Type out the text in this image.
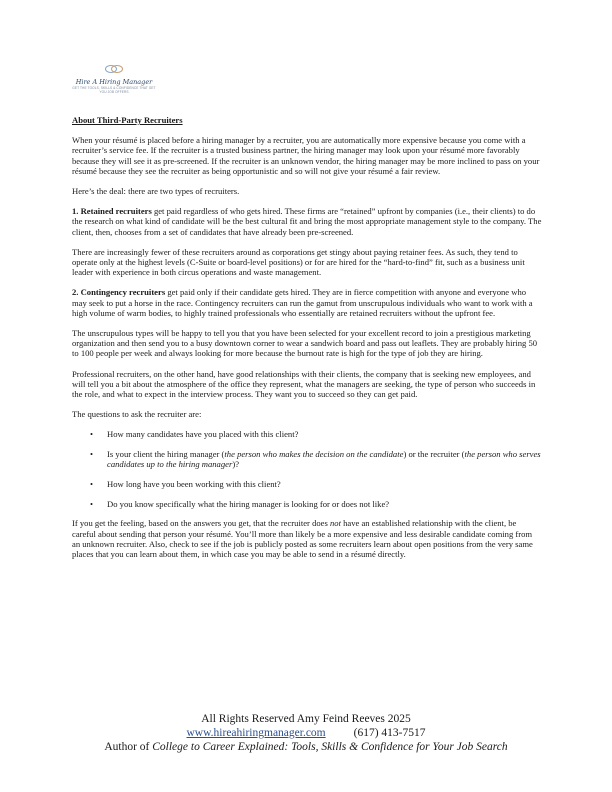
Hire A Hiring Manager
GET THE TOOLS, SKILLS & CONFIDENCE THAT GET YOU JOB OFFERS
About Third-Party Recruiters

When your résumé is placed before a hiring manager by a recruiter, you are automatically more expensive because you come with a recruiter’s service fee. If the recruiter is a trusted business partner, the hiring manager may look upon your résumé more favorably because they will see it as pre-screened. If the recruiter is an unknown vendor, the hiring manager may be more inclined to pass on your résumé because they see the recruiter as being opportunistic and so will not give your résumé a fair review.

Here’s the deal: there are two types of recruiters.

1. Retained recruiters get paid regardless of who gets hired. These firms are “retained” upfront by companies (i.e., their clients) to do the research on what kind of candidate will be the best cultural fit and bring the most appropriate management style to the company. The client, then, chooses from a set of candidates that have already been pre-screened.

There are increasingly fewer of these recruiters around as corporations get stingy about paying retainer fees. As such, they tend to operate only at the highest levels (C-Suite or board-level positions) or for are hired for the “hard-to-find” fit, such as a business unit leader with experience in both circus operations and waste management.

2. Contingency recruiters get paid only if their candidate gets hired. They are in fierce competition with anyone and everyone who may seek to put a horse in the race. Contingency recruiters can run the gamut from unscrupulous individuals who want to work with a high volume of warm bodies, to highly trained professionals who essentially are retained recruiters without the upfront fee.

The unscrupulous types will be happy to tell you that you have been selected for your excellent record to join a prestigious marketing organization and then send you to a busy downtown corner to wear a sandwich board and pass out leaflets. They are probably hiring 50 to 100 people per week and always looking for more because the burnout rate is high for the type of job they are hiring.

Professional recruiters, on the other hand, have good relationships with their clients, the company that is seeking new employees, and will tell you a bit about the atmosphere of the office they represent, what the managers are seeking, the type of person who succeeds in the role, and what to expect in the interview process. They want you to succeed so they can get paid.

The questions to ask the recruiter are:

• How many candidates have you placed with this client?
• Is your client the hiring manager (the person who makes the decision on the candidate) or the recruiter (the person who serves candidates up to the hiring manager)?
• How long have you been working with this client?
• Do you know specifically what the hiring manager is looking for or does not like?

If you get the feeling, based on the answers you get, that the recruiter does not have an established relationship with the client, be careful about sending that person your résumé. You’ll more than likely be a more expensive and less desirable candidate coming from an unknown recruiter. Also, check to see if the job is publicly posted as some recruiters learn about open positions from the very same places that you can learn about them, in which case you may be able to send in a résumé directly.

All Rights Reserved Amy Feind Reeves 2025
www.hireahiringmanager.com (617) 413-7517
Author of College to Career Explained: Tools, Skills & Confidence for Your Job Search
